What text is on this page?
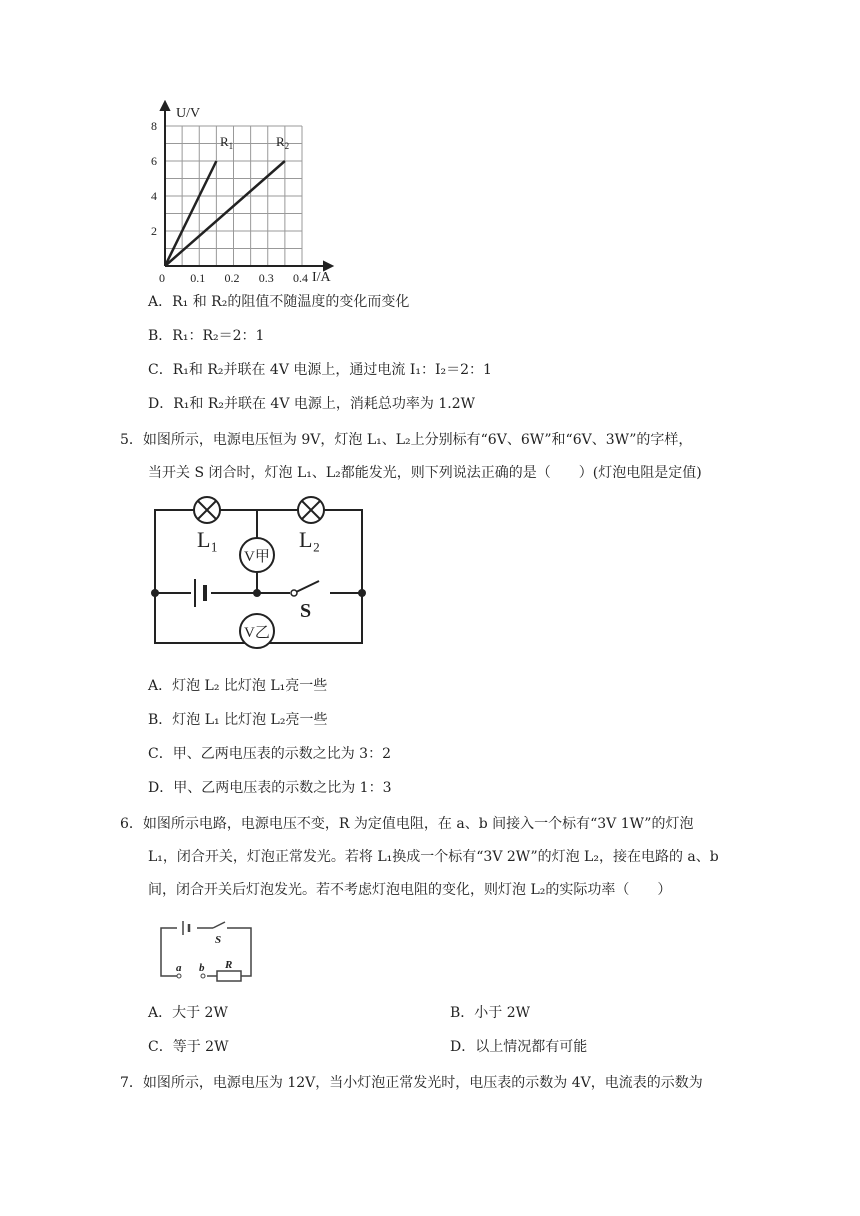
U/V
I/A
2
4
6
8
0 0.1 0.2 0.3 0.4
$R_1$	$R_2$
A．R₁ 和 R₂的阻值不随温度的变化而变化
B．R₁：R₂＝2：1
C．R₁和 R₂并联在 4V 电源上，通过电流 I₁：I₂＝2：1
D．R₁和 R₂并联在 4V 电源上，消耗总功率为 1.2W
5．如图所示，电源电压恒为 9V，灯泡 L₁、L₂上分别标有“6V、6W”和“6V、3W”的字样，
当开关 S 闭合时，灯泡 L₁、L₂都能发光，则下列说法正确的是（　　）(灯泡电阻是定值)
L₁	L₂
V甲
V乙
S
A．灯泡 L₂ 比灯泡 L₁亮一些
B．灯泡 L₁ 比灯泡 L₂亮一些
C．甲、乙两电压表的示数之比为 3：2
D．甲、乙两电压表的示数之比为 1：3
6．如图所示电路，电源电压不变，R 为定值电阻，在 a、b 间接入一个标有“3V 1W”的灯泡
L₁，闭合开关，灯泡正常发光。若将 L₁换成一个标有“3V 2W”的灯泡 L₂，接在电路的 a、b
间，闭合开关后灯泡发光。若不考虑灯泡电阻的变化，则灯泡 L₂的实际功率（　　）
S
a b R
A．大于 2W	B．小于 2W
C．等于 2W	D．以上情况都有可能
7．如图所示，电源电压为 12V，当小灯泡正常发光时，电压表的示数为 4V，电流表的示数为
